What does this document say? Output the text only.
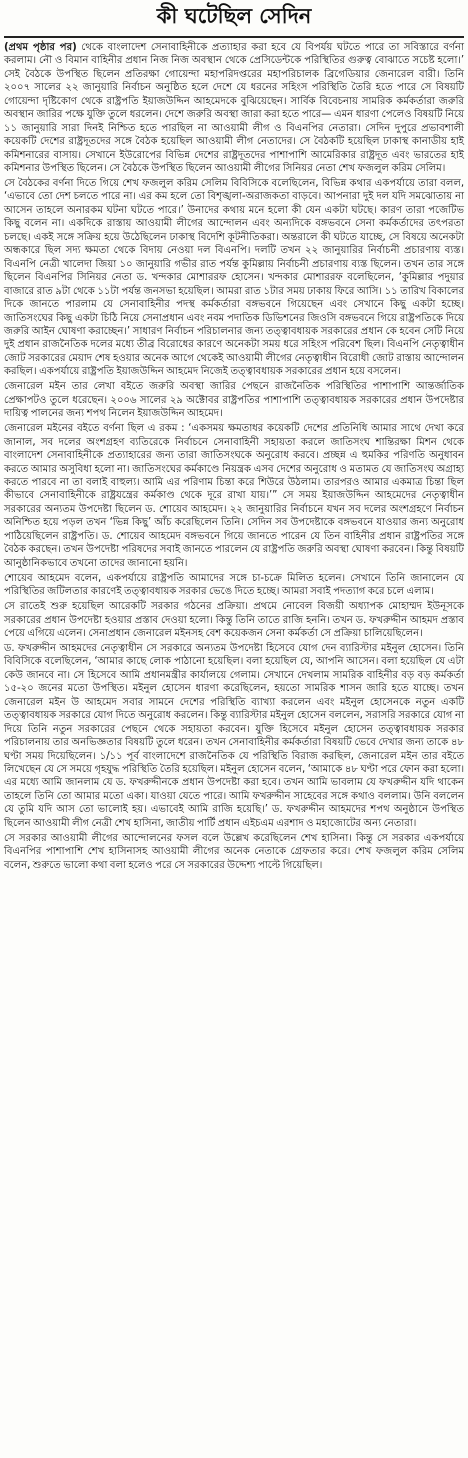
কী ঘটেছিল সেদিন

(প্রথম পৃষ্ঠার পর) থেকে বাংলাদেশ সেনাবাহিনীকে প্রত্যাহার করা হবে যে বিপর্যয় ঘটতে পারে তা সবিস্তারে বর্ণনা করলাম। নৌ ও বিমান বাহিনীর প্রধান নিজ নিজ অবস্থান থেকে প্রেসিডেন্টকে পরিস্থিতির গুরুত্ব বোঝাতে সচেষ্ট হলো।’ সেই বৈঠকে উপস্থিত ছিলেন প্রতিরক্ষা গোয়েন্দা মহাপরিদপ্তরের মহাপরিচালক ব্রিগেডিয়ার জেনারেল বারী। তিনি ২০০৭ সালের ২২ জানুয়ারি নির্বাচন অনুষ্ঠিত হলে দেশে যে ধরনের সহিংস পরিস্থিতি তৈরি হতে পারে সে বিষয়টি গোয়েন্দা দৃষ্টিকোণ থেকে রাষ্ট্রপতি ইয়াজউদ্দিন আহমেদকে বুঝিয়েছেন। সার্বিক বিবেচনায় সামরিক কর্মকর্তারা জরুরি অবস্থান জারির পক্ষে যুক্তি তুলে ধরলেন। দেশে জরুরি অবস্থা জারা করা হতে পারে— এমন ধারণা পেলেও বিষয়টি নিয়ে ১১ জানুয়ারি সারা দিনই নিশ্চিত হতে পারছিল না আওয়ামী লীগ ও বিএনপির নেতারা। সেদিন দুপুরে প্রভাবশালী কয়েকটি দেশের রাষ্ট্রদূতদের সঙ্গে বৈঠক হয়েছিল আওয়ামী লীগ নেতাদের। সে বৈঠকটি হয়েছিল ঢাকাস্থ কানাডীয় হাই কমিশনারের বাসায়। সেখানে ইউরোপের বিভিন্ন দেশের রাষ্ট্রদূতদের পাশাপাশি আমেরিকার রাষ্ট্রদূত এবং ভারতের হাই কমিশনার উপস্থিত ছিলেন। সে বৈঠকে উপস্থিত ছিলেন আওয়ামী লীগের সিনিয়র নেতা শেখ ফজলুল করিম সেলিম।

সে বৈঠকের বর্ণনা দিতে গিয়ে শেখ ফজলুল করিম সেলিম বিবিসিকে বলেছিলেন, বিভিন্ন কথার একপর্যায়ে তারা বলল, ‘এভাবে তো দেশ চলতে পারে না। এর কম হলে তো বিশৃঙ্খলা-অরাজকতা বাড়বে। আপনারা দুই দল যদি সমঝোতায় না আসেন তাহলে অনারকম ঘটনা ঘটতে পারে।’ উনাদের কথায় মনে হলো কী যেন একটা ঘটছে। কারণ তারা পজেটিভ কিছু বলেন না। একদিকে রাস্তায় আওয়ামী লীগের আন্দোলন এবং অন্যদিকে বঙ্গভবনে সেনা কর্মকর্তাদের তৎপরতা চলছে। একই সঙ্গে সক্রিয় হয়ে উঠেছিলেন ঢাকাস্থ বিদেশি কূটনীতিকরা। অন্তরালে কী ঘটতে যাচ্ছে, সে বিষয়ে অনেকটা অন্ধকারে ছিল সদ্য ক্ষমতা থেকে বিদায় নেওয়া দল বিএনপি। দলটি তখন ২২ জানুয়ারির নির্বাচনী প্রচারণায় ব্যস্ত। বিএনপি নেত্রী খালেদা জিয়া ১০ জানুয়ারি গভীর রাত পর্যন্ত কুমিল্লায় নির্বাচনী প্রচারণায় ব্যস্ত ছিলেন। তখন তার সঙ্গে ছিলেন বিএনপির সিনিয়র নেতা ড. খন্দকার মোশাররফ হোসেন। খন্দকার মোশাররফ বলেছিলেন, ‘কুমিল্লার পদুয়ার বাজারে রাত ৯টা থেকে ১১টা পর্যন্ত জনসভা হয়েছিল। আমরা রাত ১টার সময় ঢাকায় ফিরে আসি। ১১ তারিখ বিকালের দিকে জানতে পারলাম যে সেনাবাহিনীর পদস্থ কর্মকর্তারা বঙ্গভবনে গিয়েছেন এবং সেখানে কিছু একটা হচ্ছে। জাতিসংঘের কিছু একটা চিঠি নিয়ে সেনাপ্রধান এবং নবম পদাতিক ডিভিশনের জিওসি বঙ্গভবনে গিয়ে রাষ্ট্রপতিকে দিয়ে জরুরি আইন ঘোষণা করাচ্ছেন।’ সাধারণ নির্বাচন পরিচালনার জন্য তত্ত্বাবধায়ক সরকারের প্রধান কে হবেন সেটি নিয়ে দুই প্রধান রাজনৈতিক দলের মধ্যে তীব্র বিরোধের কারণে অনেকটা সময় ধরে সহিংস পরিবেশ ছিল। বিএনপি নেতৃত্বাধীন জোট সরকারের মেয়াদ শেষ হওয়ার অনেক আগে থেকেই আওয়ামী লীগের নেতৃত্বাধীন বিরোধী জোট রাস্তায় আন্দোলন করছিল। একপর্যায়ে রাষ্ট্রপতি ইয়াজউদ্দিন আহমেদ নিজেই তত্ত্বাবধায়ক সরকারের প্রধান হয়ে বসলেন।

জেনারেল মইন তার লেখা বইতে জরুরি অবস্থা জারির পেছনে রাজনৈতিক পরিস্থিতির পাশাপাশি আন্তর্জাতিক প্রেক্ষাপটও তুলে ধরেছেন। ২০০৬ সালের ২৯ অক্টোবর রাষ্ট্রপতির পাশাপাশি তত্ত্বাবধায়ক সরকারের প্রধান উপদেষ্টার দায়িত্ব পালনের জন্য শপথ নিলেন ইয়াজউদ্দিন আহমেদ।

জেনারেল মইনের বইতে বর্ণনা ছিল এ রকম : ‘একসময় ক্ষমতাধর কয়েকটি দেশের প্রতিনিধি আমার সাথে দেখা করে জানাল, সব দলের অংশগ্রহণ ব্যতিরেকে নির্বাচনে সেনাবাহিনী সহায়তা করলে জাতিসংঘ শান্তিরক্ষা মিশন থেকে বাংলাদেশ সেনাবাহিনীকে প্রত্যাহারের জন্য তারা জাতিসংঘকে অনুরোধ করবে। প্রচ্ছন্ন এ হুমকির পরিণতি অনুধাবন করতে আমার অসুবিধা হলো না। জাতিসংঘের কর্মকাণ্ডে নিয়ন্ত্রক এসব দেশের অনুরোধ ও মতামত যে জাতিসংঘ অগ্রাহ্য করতে পারবে না তা বলাই বাহুল্য। আমি এর পরিণাম চিন্তা করে শিউরে উঠলাম। তারপরও আমার একমাত্র চিন্তা ছিল কীভাবে সেনাবাহিনীকে রাষ্ট্রযন্ত্রের কর্মকাণ্ড থেকে দূরে রাখা যায়।’” সে সময় ইয়াজউদ্দিন আহমেদের নেতৃত্বাধীন সরকারের অন্যতম উপদেষ্টা ছিলেন ড. শোয়েব আহমেদ। ২২ জানুয়ারির নির্বাচনে যখন সব দলের অংশগ্রহণে নির্বাচন অনিশ্চিত হয়ে পড়ল তখন ‘ভিন্ন কিছু’ আঁচ করেছিলেন তিনি। সেদিন সব উপদেষ্টাকে বঙ্গভবনে যাওয়ার জন্য অনুরোধ পাঠিয়েছিলেন রাষ্ট্রপতি। ড. শোয়েব আহমেদ বঙ্গভবনে গিয়ে জানতে পারেন যে তিন বাহিনীর প্রধান রাষ্ট্রপতির সঙ্গে বৈঠক করছেন। তখন উপদেষ্টা পরিষদের সবাই জানতে পারলেন যে রাষ্ট্রপতি জরুরি অবস্থা ঘোষণা করবেন। কিন্তু বিষয়টি আনুষ্ঠানিকভাবে তখনো তাদের জানানো হয়নি।

শোয়েব আহমেদ বলেন, একপর্যায়ে রাষ্ট্রপতি আমাদের সঙ্গে চা-চক্রে মিলিত হলেন। সেখানে তিনি জানালেন যে পরিস্থিতির জটিলতার কারণেই তত্ত্বাবধায়ক সরকার ভেঙে দিতে হচ্ছে। আমরা সবাই পদত্যাগ করে চলে এলাম।

সে রাতেই শুরু হয়েছিল আরেকটি সরকার গঠনের প্রক্রিয়া। প্রথমে নোবেল বিজয়ী অধ্যাপক মোহাম্মদ ইউনূসকে সরকারের প্রধান উপদেষ্টা হওয়ার প্রস্তাব দেওয়া হলো। কিন্তু তিনি তাতে রাজি হননি। তখন ড. ফখরুদ্দীন আহমদ প্রস্তাব পেয়ে এগিয়ে এলেন। সেনাপ্রধান জেনারেল মইনসহ বেশ কয়েকজন সেনা কর্মকর্তা সে প্রক্রিয়া চালিয়েছিলেন।

ড. ফখরুদ্দীন আহমদের নেতৃত্বাধীন সে সরকারে অন্যতম উপদেষ্টা হিসেবে যোগ দেন ব্যারিস্টার মইনুল হোসেন। তিনি বিবিসিকে বলেছিলেন, ‘আমার কাছে লোক পাঠানো হয়েছিল। বলা হয়েছিল যে, আপনি আসেন। বলা হয়েছিল যে এটা কেউ জানবে না। সে হিসেবে আমি প্রধানমন্ত্রীর কার্যালয়ে গেলাম। সেখানে দেখলাম সামরিক বাহিনীর বড় বড় কর্মকর্তা ১৫-২০ জনের মতো উপস্থিত। মইনুল হোসেন ধারণা করেছিলেন, হয়তো সামরিক শাসন জারি হতে যাচ্ছে। তখন জেনারেল মইন উ আহমেদ সবার সামনে দেশের পরিস্থিতি ব্যাখ্যা করলেন এবং মইনুল হোসেনকে নতুন একটি তত্ত্বাবধায়ক সরকারে যোগ দিতে অনুরোধ করলেন। কিন্তু ব্যারিস্টার মইনুল হোসেন বললেন, সরাসরি সরকারে যোগ না দিয়ে তিনি নতুন সরকারের পেছনে থেকে সহায়তা করবেন। যুক্তি হিসেবে মইনুল হোসেন তত্ত্বাবধায়ক সরকার পরিচালনায় তার অনভিজ্ঞতার বিষয়টি তুলে ধরেন। তখন সেনাবাহিনীর কর্মকর্তারা বিষয়টি ভেবে দেখার জন্য তাকে ৪৮ ঘণ্টা সময় দিয়েছিলেন। ১/১১ পূর্ব বাংলাদেশে রাজনৈতিক যে পরিস্থিতি বিরাজ করছিল, জেনারেল মইন তার বইতে লিখেছেন যে সে সময়ে গৃহযুদ্ধ পরিস্থিতি তৈরি হয়েছিল। মইনুল হোসেন বলেন, ‘আমাকে ৪৮ ঘণ্টা পরে ফোন করা হলো। এর মধ্যে আমি জানলাম যে ড. ফখরুদ্দীনকে প্রধান উপদেষ্টা করা হবে। তখন আমি ভাবলাম যে ফখরুদ্দীন যদি থাকেন তাহলে তিনি তো আমার মতো একা। যাওয়া যেতে পারে। আমি ফখরুদ্দীন সাহেবের সঙ্গে কথাও বললাম। উনি বললেন যে তুমি যদি আস তো ভালোই হয়। এভাবেই আমি রাজি হয়েছি।’ ড. ফখরুদ্দীন আহমদের শপথ অনুষ্ঠানে উপস্থিত ছিলেন আওয়ামী লীগ নেত্রী শেখ হাসিনা, জাতীয় পার্টি প্রধান এইচএম এরশাদ ও মহাজোটের অন্য নেতারা।

সে সরকার আওয়ামী লীগের আন্দোলনের ফসল বলে উল্লেখ করেছিলেন শেখ হাসিনা। কিন্তু সে সরকার একপর্যায়ে বিএনপির পাশাপাশি শেখ হাসিনাসহ আওয়ামী লীগের অনেক নেতাকে গ্রেফতার করে। শেখ ফজলুল করিম সেলিম বলেন, শুরুতে ভালো কথা বলা হলেও পরে সে সরকারের উদ্দেশ্য পাল্টে গিয়েছিল।
